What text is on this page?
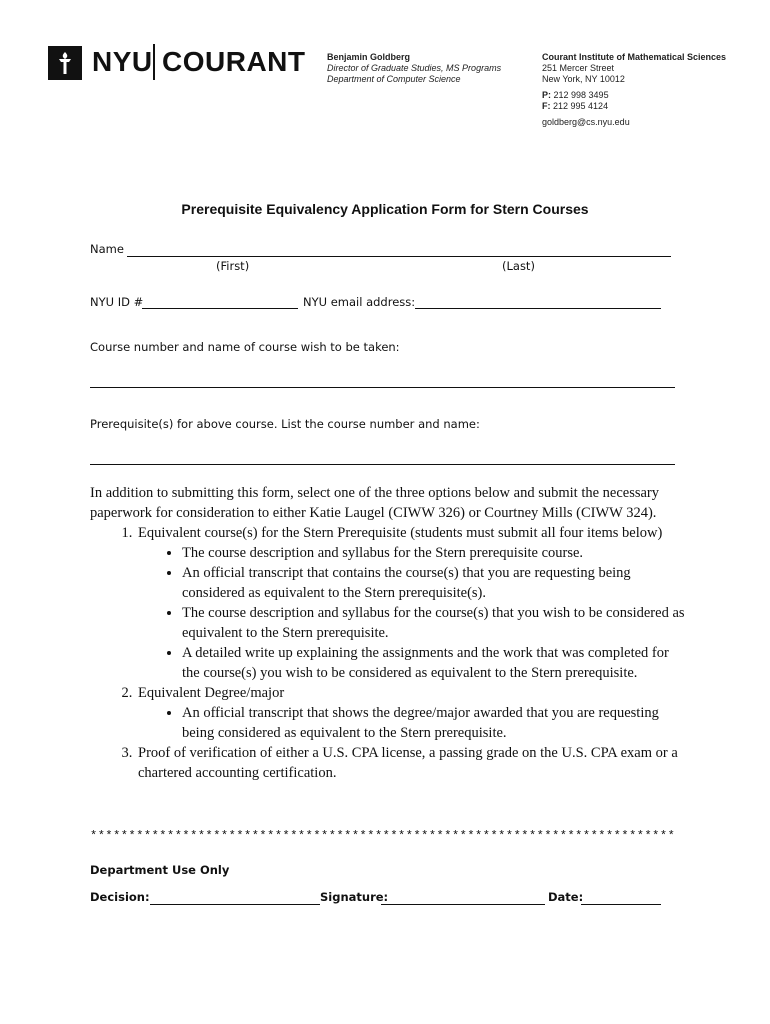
NYU COURANT Benjamin Goldberg
Director of Graduate Studies, MS Programs
Department of Computer Science
Courant Institute of Mathematical Sciences
251 Mercer Street
New York, NY 10012
P: 212 998 3495
F: 212 995 4124
goldberg@cs.nyu.edu
Prerequisite Equivalency Application Form for Stern Courses
Name
(First)	(Last)
NYU ID #	NYU email address:
Course number and name of course wish to be taken:
Prerequisite(s) for above course. List the course number and name:

In addition to submitting this form, select one of the three options below and submit the necessary paperwork for consideration to either Katie Laugel (CIWW 326) or Courtney Mills (CIWW 324).

1. Equivalent course(s) for the Stern Prerequisite (students must submit all four items below)
• The course description and syllabus for the Stern prerequisite course.
• An official transcript that contains the course(s) that you are requesting being considered as equivalent to the Stern prerequisite(s).
• The course description and syllabus for the course(s) that you wish to be considered as equivalent to the Stern prerequisite.
• A detailed write up explaining the assignments and the work that was completed for the course(s) you wish to be considered as equivalent to the Stern prerequisite.
2. Equivalent Degree/major
• An official transcript that shows the degree/major awarded that you are requesting being considered as equivalent to the Stern prerequisite.
3. Proof of verification of either a U.S. CPA license, a passing grade on the U.S. CPA exam or a chartered accounting certification.
****************************************************************************
Department Use Only
Decision:	Signature:	Date:
